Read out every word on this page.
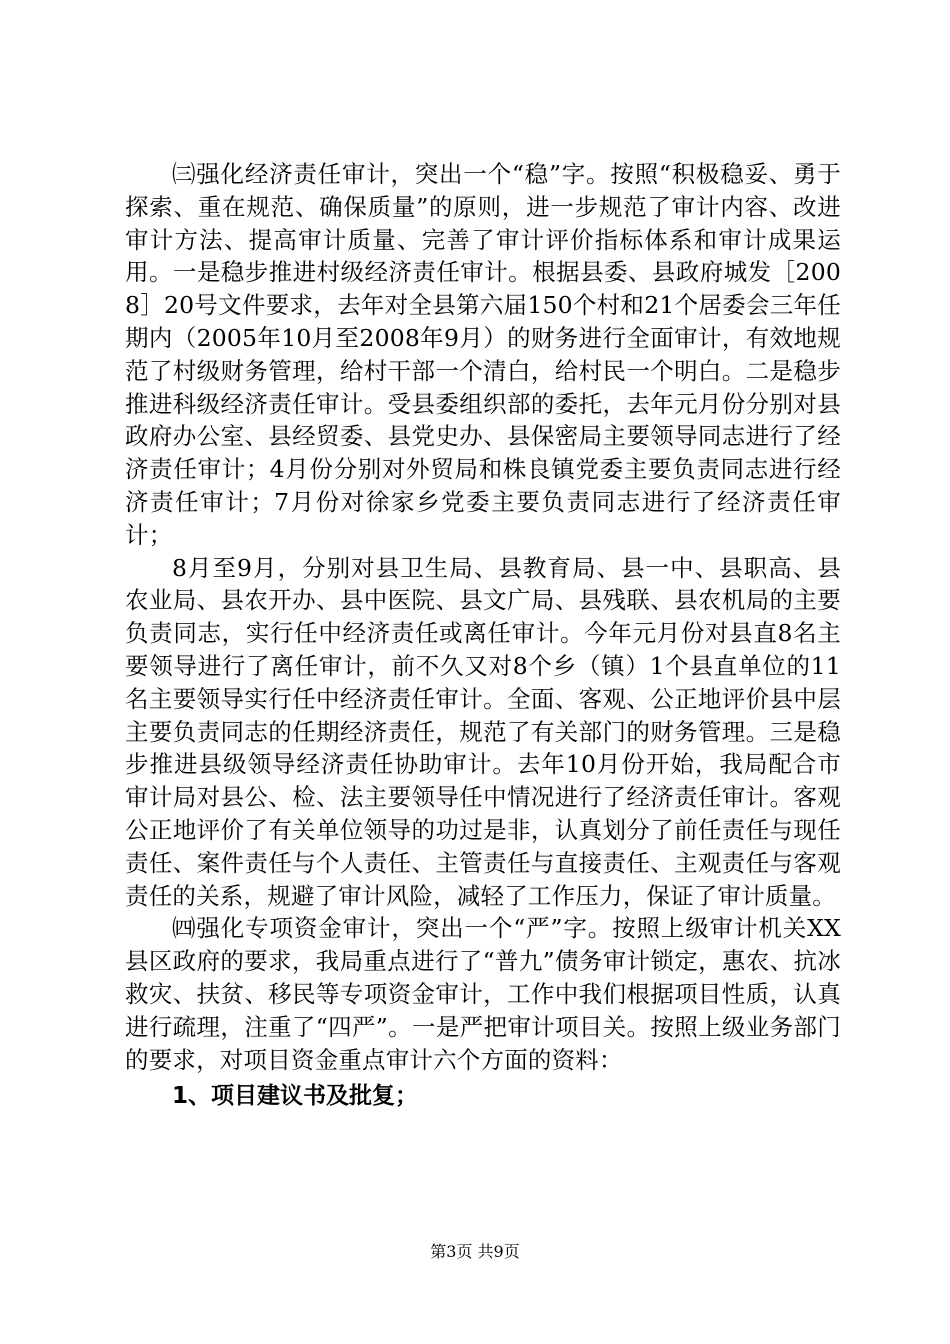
㈢强化经济责任审计，突出一个“稳”字。按照“积极稳妥、勇于探索、重在规范、确保质量”的原则，进一步规范了审计内容、改进审计方法、提高审计质量、完善了审计评价指标体系和审计成果运用。一是稳步推进村级经济责任审计。根据县委、县政府城发［2008］20号文件要求，去年对全县第六届150个村和21个居委会三年任期内（2005年10月至2008年9月）的财务进行全面审计，有效地规范了村级财务管理，给村干部一个清白，给村民一个明白。二是稳步推进科级经济责任审计。受县委组织部的委托，去年元月份分别对县政府办公室、县经贸委、县党史办、县保密局主要领导同志进行了经济责任审计；4月份分别对外贸局和株良镇党委主要负责同志进行经济责任审计；7月份对徐家乡党委主要负责同志进行了经济责任审计；

8月至9月，分别对县卫生局、县教育局、县一中、县职高、县农业局、县农开办、县中医院、县文广局、县残联、县农机局的主要负责同志，实行任中经济责任或离任审计。今年元月份对县直8名主要领导进行了离任审计，前不久又对8个乡（镇）1个县直单位的11名主要领导实行任中经济责任审计。全面、客观、公正地评价县中层主要负责同志的任期经济责任，规范了有关部门的财务管理。三是稳步推进县级领导经济责任协助审计。去年10月份开始，我局配合市审计局对县公、检、法主要领导任中情况进行了经济责任审计。客观公正地评价了有关单位领导的功过是非，认真划分了前任责任与现任责任、案件责任与个人责任、主管责任与直接责任、主观责任与客观责任的关系，规避了审计风险，减轻了工作压力，保证了审计质量。

㈣强化专项资金审计，突出一个“严”字。按照上级审计机关XX县区政府的要求，我局重点进行了“普九”债务审计锁定，惠农、抗冰救灾、扶贫、移民等专项资金审计，工作中我们根据项目性质，认真进行疏理，注重了“四严”。一是严把审计项目关。按照上级业务部门的要求，对项目资金重点审计六个方面的资料：

1、项目建议书及批复；

第3页 共9页
